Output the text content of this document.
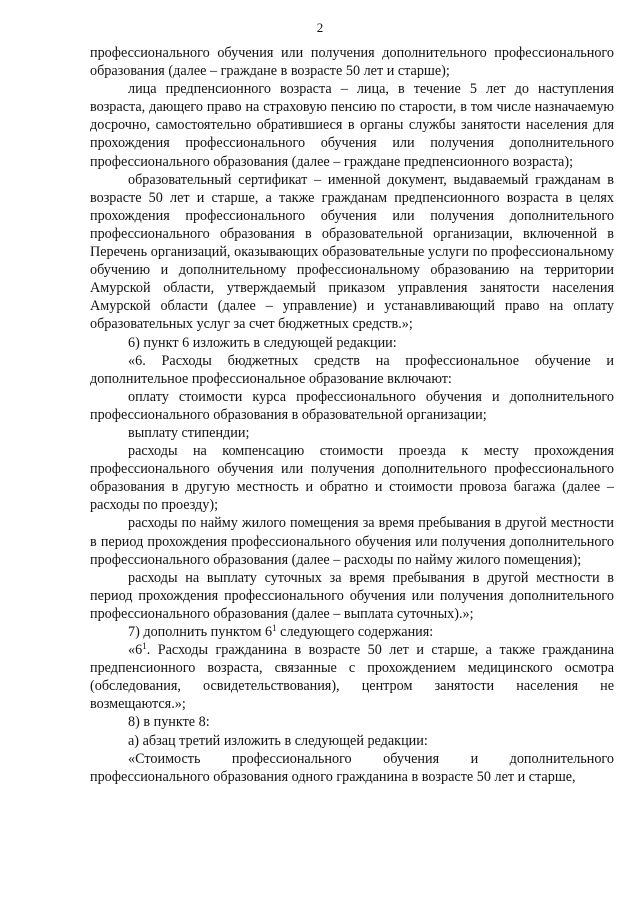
2

профессионального обучения или получения дополнительного профессионального образования (далее – граждане в возрасте 50 лет и старше);

лица предпенсионного возраста – лица, в течение 5 лет до наступления возраста, дающего право на страховую пенсию по старости, в том числе назначаемую досрочно, самостоятельно обратившиеся в органы службы занятости населения для прохождения профессионального обучения или получения дополнительного профессионального образования (далее – граждане предпенсионного возраста);

образовательный сертификат – именной документ, выдаваемый гражданам в возрасте 50 лет и старше, а также гражданам предпенсионного возраста в целях прохождения профессионального обучения или получения дополнительного профессионального образования в образовательной организации, включенной в Перечень организаций, оказывающих образовательные услуги по профессиональному обучению и дополнительному профессиональному образованию на территории Амурской области, утверждаемый приказом управления занятости населения Амурской области (далее – управление) и устанавливающий право на оплату образовательных услуг за счет бюджетных средств.»;

6) пункт 6 изложить в следующей редакции:

«6. Расходы бюджетных средств на профессиональное обучение и дополнительное профессиональное образование включают:

оплату стоимости курса профессионального обучения и дополнительного профессионального образования в образовательной организации;

выплату стипендии;

расходы на компенсацию стоимости проезда к месту прохождения профессионального обучения или получения дополнительного профессионального образования в другую местность и обратно и стоимости провоза багажа (далее – расходы по проезду);

расходы по найму жилого помещения за время пребывания в другой местности в период прохождения профессионального обучения или получения дополнительного профессионального образования (далее – расходы по найму жилого помещения);

расходы на выплату суточных за время пребывания в другой местности в период прохождения профессионального обучения или получения дополнительного профессионального образования (далее – выплата суточных).»;

7) дополнить пунктом $6^1$ следующего содержания:

«$6^1$. Расходы гражданина в возрасте 50 лет и старше, а также гражданина предпенсионного возраста, связанные с прохождением медицинского осмотра (обследования, освидетельствования), центром занятости населения не возмещаются.»;

8) в пункте 8:

а) абзац третий изложить в следующей редакции:

«Стоимость профессионального обучения и дополнительного профессионального образования одного гражданина в возрасте 50 лет и старше,
